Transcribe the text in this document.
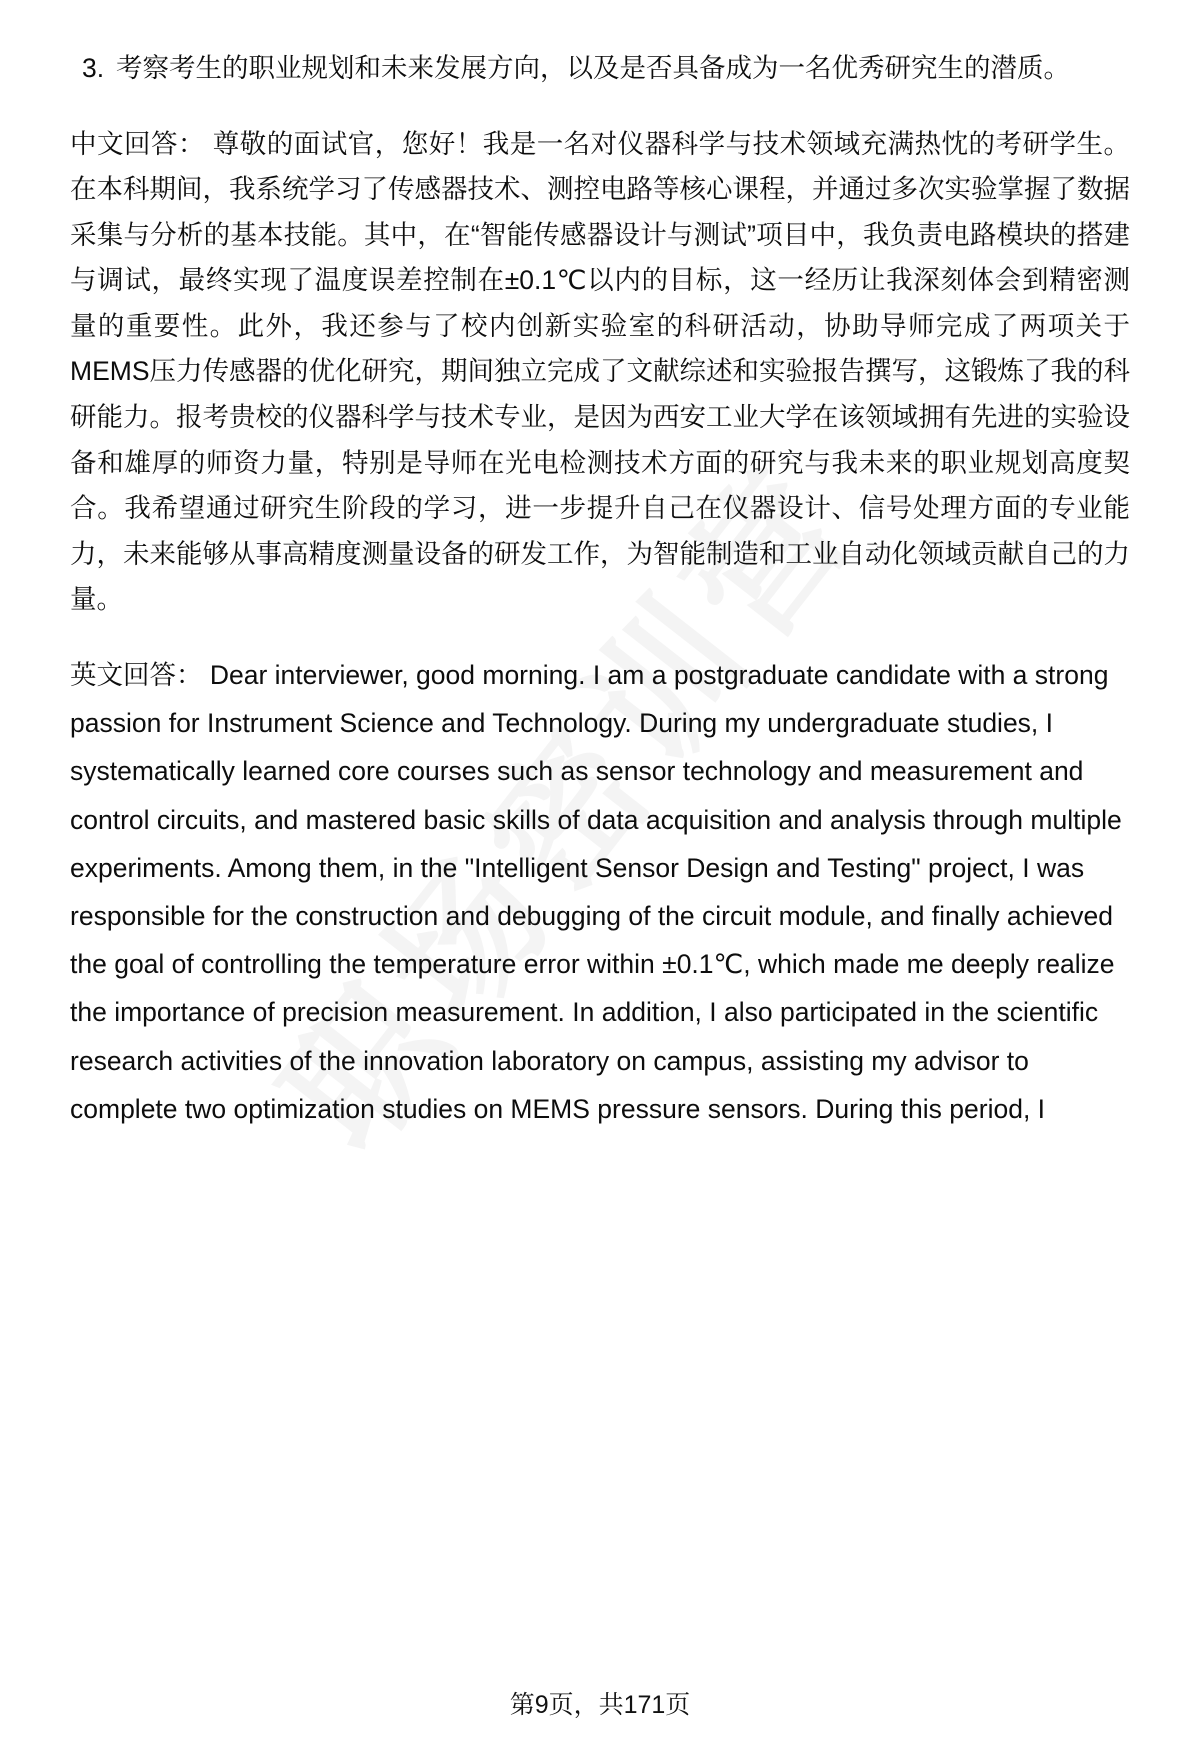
3. 考察考生的职业规划和未来发展方向，以及是否具备成为一名优秀研究生的潜质。

中文回答： 尊敬的面试官，您好！我是一名对仪器科学与技术领域充满热忱的考研学生。在本科期间，我系统学习了传感器技术、测控电路等核心课程，并通过多次实验掌握了数据采集与分析的基本技能。其中，在“智能传感器设计与测试”项目中，我负责电路模块的搭建与调试，最终实现了温度误差控制在±0.1℃以内的目标，这一经历让我深刻体会到精密测量的重要性。此外，我还参与了校内创新实验室的科研活动，协助导师完成了两项关于MEMS压力传感器的优化研究，期间独立完成了文献综述和实验报告撰写，这锻炼了我的科研能力。报考贵校的仪器科学与技术专业，是因为西安工业大学在该领域拥有先进的实验设备和雄厚的师资力量，特别是导师在光电检测技术方面的研究与我未来的职业规划高度契合。我希望通过研究生阶段的学习，进一步提升自己在仪器设计、信号处理方面的专业能力，未来能够从事高精度测量设备的研发工作，为智能制造和工业自动化领域贡献自己的力量。

英文回答： Dear interviewer, good morning. I am a postgraduate candidate with a strong passion for Instrument Science and Technology. During my undergraduate studies, I systematically learned core courses such as sensor technology and measurement and control circuits, and mastered basic skills of data acquisition and analysis through multiple experiments. Among them, in the "Intelligent Sensor Design and Testing" project, I was responsible for the construction and debugging of the circuit module, and finally achieved the goal of controlling the temperature error within ±0.1℃, which made me deeply realize the importance of precision measurement. In addition, I also participated in the scientific research activities of the innovation laboratory on campus, assisting my advisor to complete two optimization studies on MEMS pressure sensors. During this period, I

第9页，共171页
